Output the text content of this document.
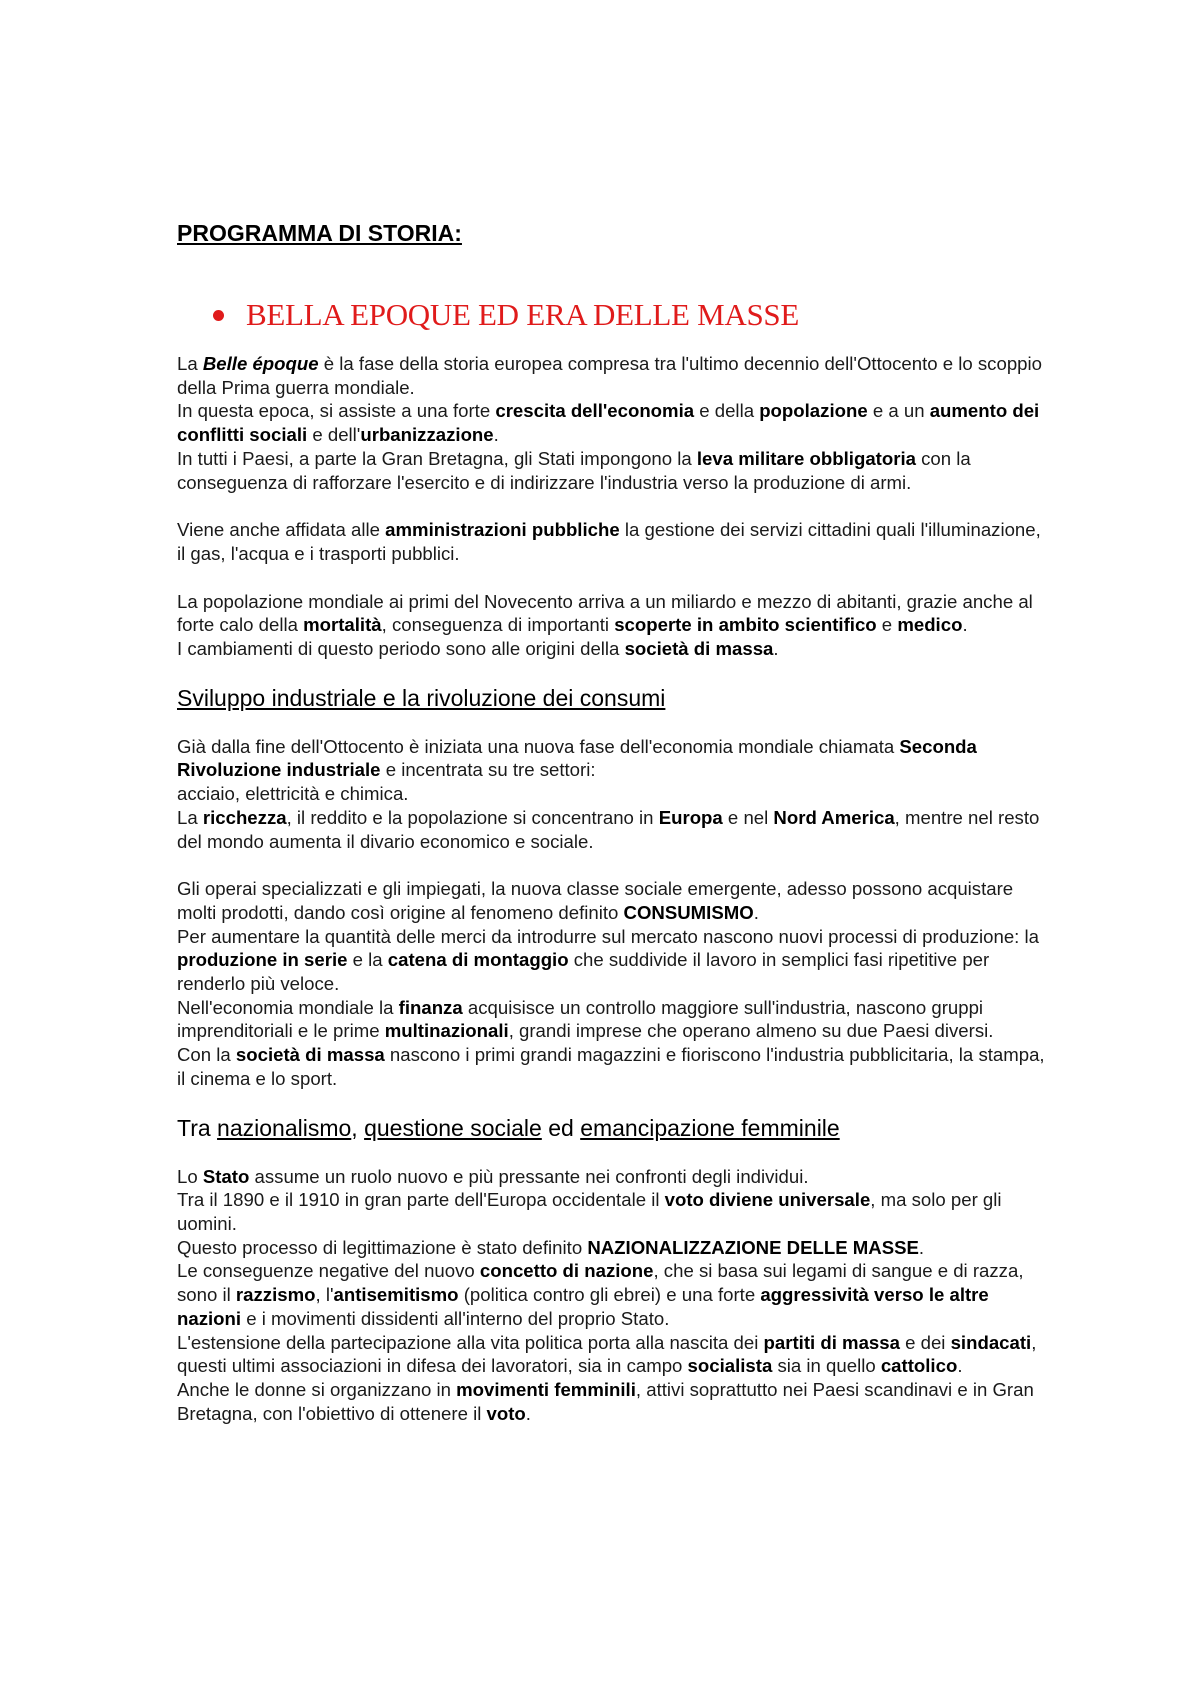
PROGRAMMA DI STORIA:
BELLA EPOQUE ED ERA DELLE MASSE

La Belle époque è la fase della storia europea compresa tra l'ultimo decennio dell'Ottocento e lo scoppio della Prima guerra mondiale.

In questa epoca, si assiste a una forte crescita dell'economia e della popolazione e a un aumento dei conflitti sociali e dell'urbanizzazione.

In tutti i Paesi, a parte la Gran Bretagna, gli Stati impongono la leva militare obbligatoria con la conseguenza di rafforzare l'esercito e di indirizzare l'industria verso la produzione di armi.

Viene anche affidata alle amministrazioni pubbliche la gestione dei servizi cittadini quali l'illuminazione, il gas, l'acqua e i trasporti pubblici.

La popolazione mondiale ai primi del Novecento arriva a un miliardo e mezzo di abitanti, grazie anche al forte calo della mortalità, conseguenza di importanti scoperte in ambito scientifico e medico.

I cambiamenti di questo periodo sono alle origini della società di massa.

Sviluppo industriale e la rivoluzione dei consumi

Già dalla fine dell'Ottocento è iniziata una nuova fase dell'economia mondiale chiamata Seconda Rivoluzione industriale e incentrata su tre settori:

acciaio, elettricità e chimica.

La ricchezza, il reddito e la popolazione si concentrano in Europa e nel Nord America, mentre nel resto del mondo aumenta il divario economico e sociale.

Gli operai specializzati e gli impiegati, la nuova classe sociale emergente, adesso possono acquistare molti prodotti, dando così origine al fenomeno definito CONSUMISMO.

Per aumentare la quantità delle merci da introdurre sul mercato nascono nuovi processi di produzione: la produzione in serie e la catena di montaggio che suddivide il lavoro in semplici fasi ripetitive per renderlo più veloce.

Nell'economia mondiale la finanza acquisisce un controllo maggiore sull'industria, nascono gruppi imprenditoriali e le prime multinazionali, grandi imprese che operano almeno su due Paesi diversi.

Con la società di massa nascono i primi grandi magazzini e fioriscono l'industria pubblicitaria, la stampa, il cinema e lo sport.

Tra nazionalismo, questione sociale ed emancipazione femminile

Lo Stato assume un ruolo nuovo e più pressante nei confronti degli individui.

Tra il 1890 e il 1910 in gran parte dell'Europa occidentale il voto diviene universale, ma solo per gli uomini.

Questo processo di legittimazione è stato definito NAZIONALIZZAZIONE DELLE MASSE.

Le conseguenze negative del nuovo concetto di nazione, che si basa sui legami di sangue e di razza, sono il razzismo, l'antisemitismo (politica contro gli ebrei) e una forte aggressività verso le altre nazioni e i movimenti dissidenti all'interno del proprio Stato.

L'estensione della partecipazione alla vita politica porta alla nascita dei partiti di massa e dei sindacati, questi ultimi associazioni in difesa dei lavoratori, sia in campo socialista sia in quello cattolico.

Anche le donne si organizzano in movimenti femminili, attivi soprattutto nei Paesi scandinavi e in Gran Bretagna, con l'obiettivo di ottenere il voto.
